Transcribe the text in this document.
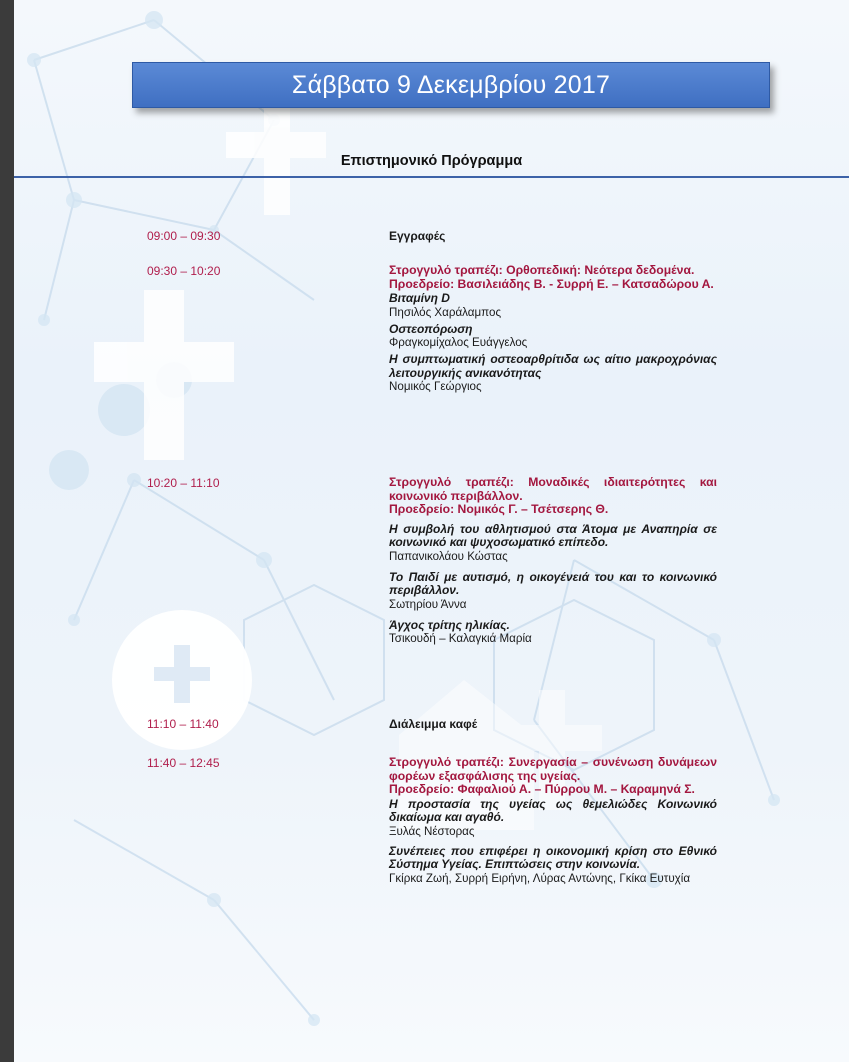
Σάββατο 9 Δεκεμβρίου 2017
Επιστημονικό Πρόγραμμα
09:00 – 09:30	Εγγραφές

09:30 – 10:20	Στρογγυλό τραπέζι: Ορθοπεδική: Νεότερα δεδομένα.

Προεδρείο: Βασιλειάδης Β. - Συρρή Ε. – Κατσαδώρου Α.

Βιταμίνη D

Πησιλός Χαράλαμπος

Οστεοπόρωση

Φραγκομίχαλος Ευάγγελος

Η συμπτωματική οστεοαρθρίτιδα ως αίτιο μακροχρόνιας λειτουργικής ανικανότητας

Νομικός Γεώργιος

10:20 – 11:10	Στρογγυλό τραπέζι: Μοναδικές ιδιαιτερότητες και κοινωνικό περιβάλλον.

Προεδρείο: Νομικός Γ. – Τσέτσερης Θ.

Η συμβολή του αθλητισμού στα Άτομα με Αναπηρία σε κοινωνικό και ψυχοσωματικό επίπεδο.

Παπανικολάου Κώστας

Το Παιδί με αυτισμό, η οικογένειά του και το κοινωνικό περιβάλλον.

Σωτηρίου Άννα

Άγχος τρίτης ηλικίας.

Τσικουδή – Καλαγκιά Μαρία

11:10 – 11:40	Διάλειμμα καφέ

11:40 – 12:45	Στρογγυλό τραπέζι: Συνεργασία – συνένωση δυνάμεων φορέων εξασφάλισης της υγείας.

Προεδρείο: Φαφαλιού Α. – Πύρρου Μ. – Καραμηνά Σ.

Η προστασία της υγείας ως θεμελιώδες Κοινωνικό δικαίωμα και αγαθό.

Ξυλάς Νέστορας

Συνέπειες που επιφέρει η οικονομική κρίση στο Εθνικό Σύστημα Υγείας. Επιπτώσεις στην κοινωνία.

Γκίρκα Ζωή, Συρρή Ειρήνη, Λύρας Αντώνης, Γκίκα Ευτυχία
